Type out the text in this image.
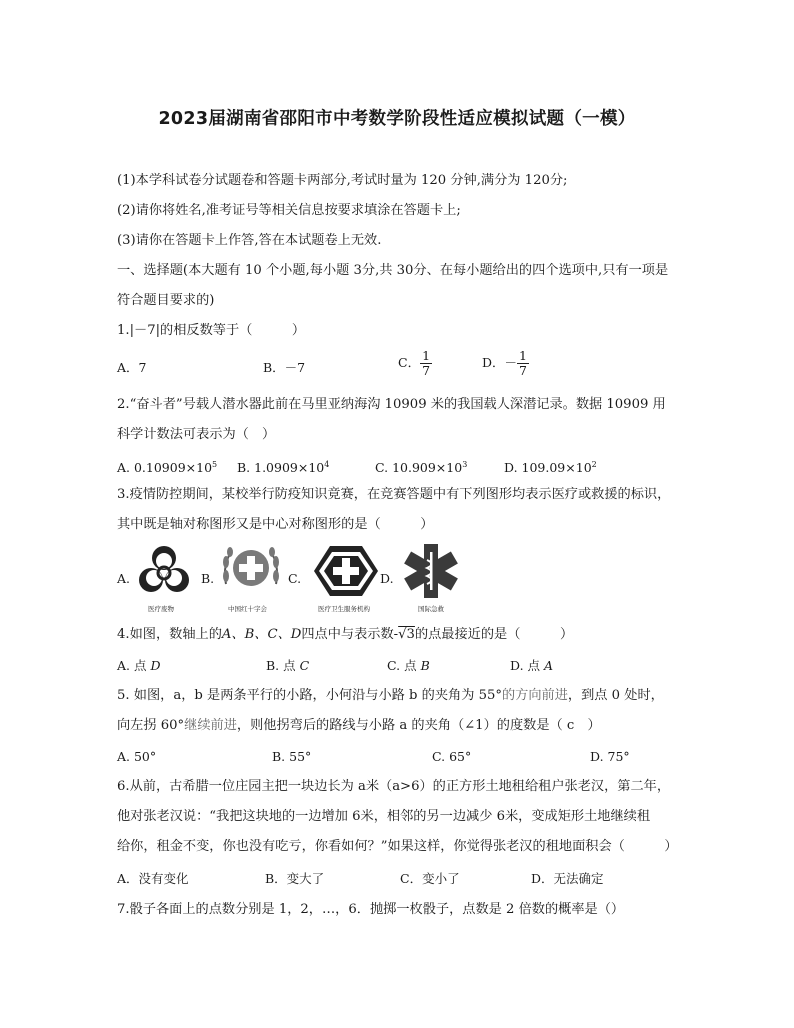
2023届湖南省邵阳市中考数学阶段性适应模拟试题（一模）
(1)本学科试卷分试题卷和答题卡两部分,考试时量为 120 分钟,满分为 120分;
(2)请你将姓名,准考证号等相关信息按要求填涂在答题卡上;
(3)请你在答题卡上作答,答在本试题卷上无效.
一、选择题(本大题有 10 个小题,每小题 3分,共 30分、在每小题给出的四个选项中,只有一项是
符合题目要求的)
1.|－7|的相反数等于（　　　）
A．7	B．－7	C． $\frac{1}{7}$	D．－ $\frac{1}{7}$
2.“奋斗者”号载人潜水器此前在马里亚纳海沟 10909 米的我国载人深潜记录。数据 10909 用
科学计数法可表示为（　）
A. $0.10909\times 10^5$ B. $1.0909\times 10^4$	C. $10.909\times 10^3$	D. $109.09\times 10^2$
3.疫情防控期间，某校举行防疫知识竟赛，在竞赛答题中有下列图形均表示医疗或救援的标识，
其中既是轴对称图形又是中心对称图形的是（　　　）
A.
医疗废物
B.
中国红十字会
C.
医疗卫生服务机构
D.
国际急救
4.如图，数轴上的A、B、C、D四点中与表示数-√3的点最接近的是（　　　）
A. 点 D	B. 点 C	C. 点 B	D. 点 A
5. 如图，a，b 是两条平行的小路，小何沿与小路 b 的夹角为 55°的方向前进，到点 0 处时，
向左拐 60°继续前进，则他拐弯后的路线与小路 a 的夹角（∠1）的度数是（ c　）
A. 50°	B. 55°	C. 65°	D. 75°
6.从前，古希腊一位庄园主把一块边长为 a米（a>6）的正方形土地租给租户张老汉，第二年，
他对张老汉说：“我把这块地的一边增加 6米，相邻的另一边减少 6米，变成矩形土地继续租
给你，租金不变，你也没有吃亏，你看如何？”如果这样，你觉得张老汉的租地面积会（　　　）
A．没有变化	B．变大了	C．变小了	D．无法确定
7.骰子各面上的点数分别是 1，2，…，6．抛掷一枚骰子，点数是 2 倍数的概率是（）
